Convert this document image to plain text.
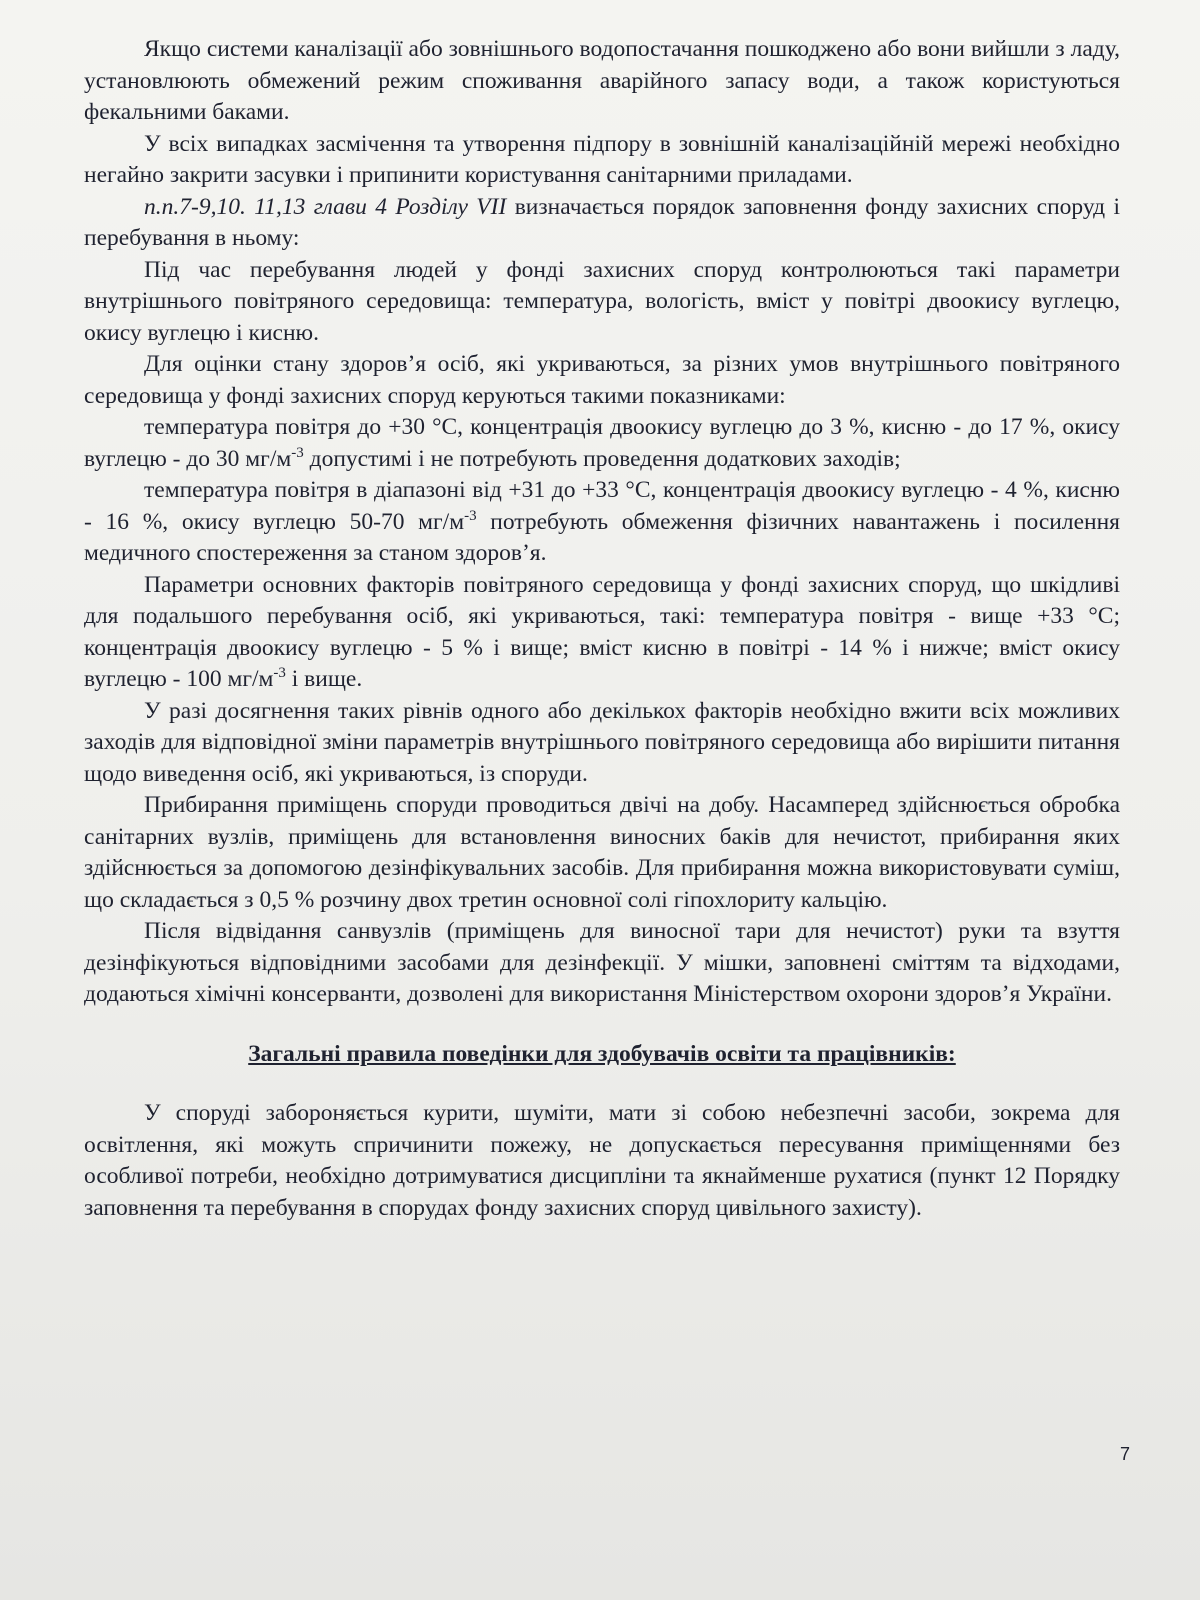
Якщо системи каналізації або зовнішнього водопостачання пошкоджено або вони вийшли з ладу, установлюють обмежений режим споживання аварійного запасу води, а також користуються фекальними баками.

У всіх випадках засмічення та утворення підпору в зовнішній каналізаційній мережі необхідно негайно закрити засувки і припинити користування санітарними приладами.

п.п.7-9,10. 11,13 глави 4 Розділу VII визначається порядок заповнення фонду захисних споруд і перебування в ньому:

Під час перебування людей у фонді захисних споруд контролюються такі параметри внутрішнього повітряного середовища: температура, вологість, вміст у повітрі двоокису вуглецю, окису вуглецю і кисню.

Для оцінки стану здоров’я осіб, які укриваються, за різних умов внутрішнього повітряного середовища у фонді захисних споруд керуються такими показниками:

температура повітря до +30 °С, концентрація двоокису вуглецю до 3 %, кисню - до 17 %, окису вуглецю - до 30 $мг/м^{-3}$ допустимі і не потребують проведення додаткових заходів;

температура повітря в діапазоні від +31 до +33 °С, концентрація двоокису вуглецю - 4 %, кисню - 16 %, окису вуглецю 50-70 $мг/м^{-3}$ потребують обмеження фізичних навантажень і посилення медичного спостереження за станом здоров’я.

Параметри основних факторів повітряного середовища у фонді захисних споруд, що шкідливі для подальшого перебування осіб, які укриваються, такі: температура повітря - вище +33 °С; концентрація двоокису вуглецю - 5 % і вище; вміст кисню в повітрі - 14 % і нижче; вміст окису вуглецю - 100 $мг/м^{-3}$ і вище.

У разі досягнення таких рівнів одного або декількох факторів необхідно вжити всіх можливих заходів для відповідної зміни параметрів внутрішнього повітряного середовища або вирішити питання щодо виведення осіб, які укриваються, із споруди.

Прибирання приміщень споруди проводиться двічі на добу. Насамперед здійснюється обробка санітарних вузлів, приміщень для встановлення виносних баків для нечистот, прибирання яких здійснюється за допомогою дезінфікувальних засобів. Для прибирання можна використовувати суміш, що складається з 0,5 % розчину двох третин основної солі гіпохлориту кальцію.

Після відвідання санвузлів (приміщень для виносної тари для нечистот) руки та взуття дезінфікуються відповідними засобами для дезінфекції. У мішки, заповнені сміттям та відходами, додаються хімічні консерванти, дозволені для використання Міністерством охорони здоров’я України.

Загальні правила поведінки для здобувачів освіти та працівників:

У споруді забороняється курити, шуміти, мати зі собою небезпечні засоби, зокрема для освітлення, які можуть спричинити пожежу, не допускається пересування приміщеннями без особливої потреби, необхідно дотримуватися дисципліни та якнайменше рухатися (пункт 12 Порядку заповнення та перебування в спорудах фонду захисних споруд цивільного захисту).

7
